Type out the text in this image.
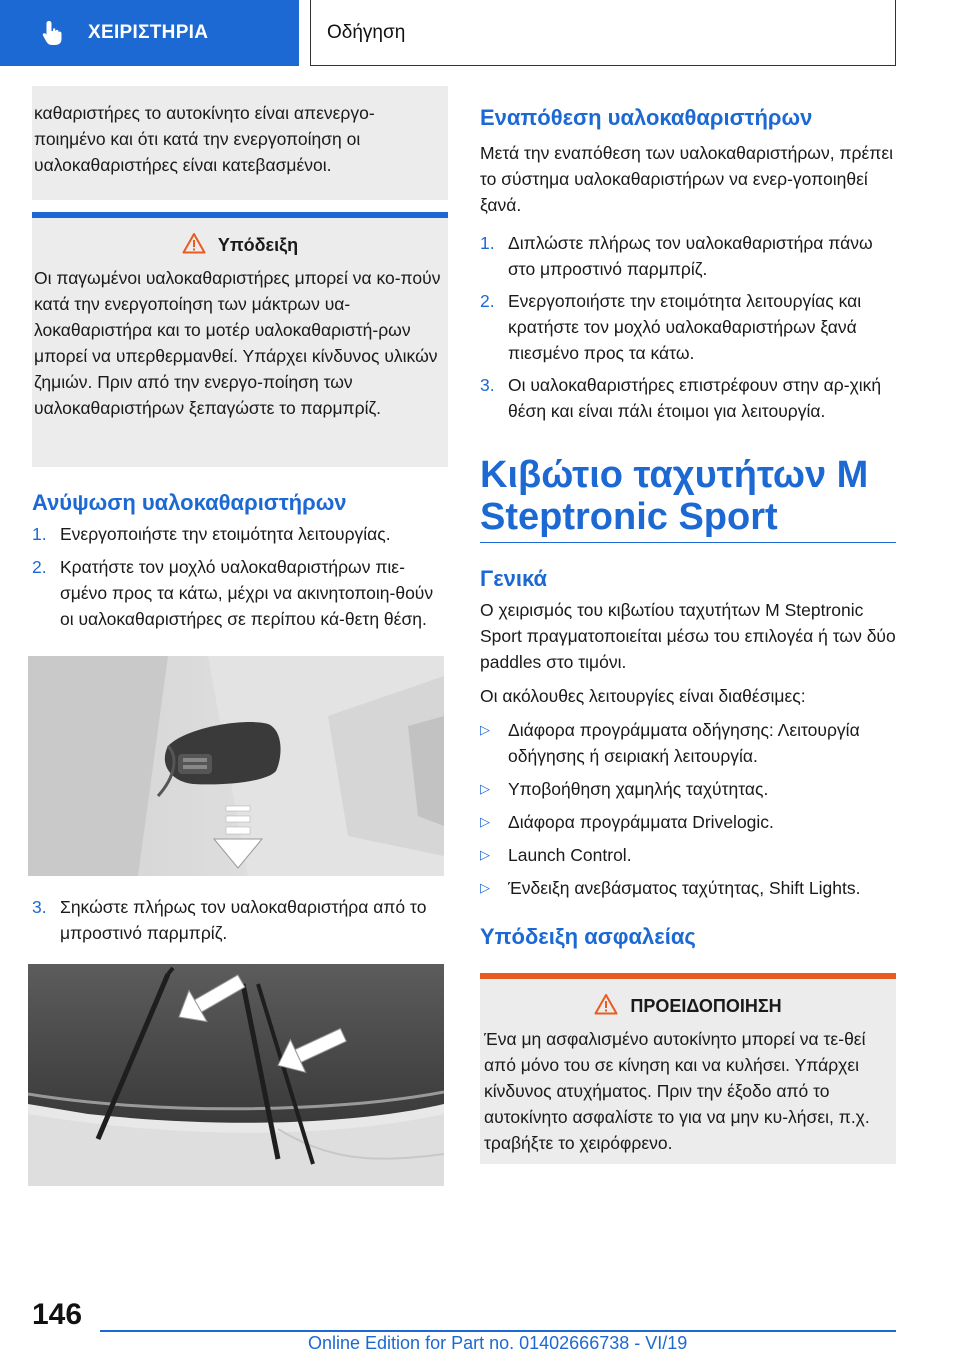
ΧΕΙΡΙΣΤΗΡΙΑ	Οδήγηση

καθαριστήρες το αυτοκίνητο είναι απενεργο-ποιημένο και ότι κατά την ενεργοποίηση οι υαλοκαθαριστήρες είναι κατεβασμένοι.

Υπόδειξη

Οι παγωμένοι υαλοκαθαριστήρες μπορεί να κο-πούν κατά την ενεργοποίηση των μάκτρων υα-λοκαθαριστήρα και το μοτέρ υαλοκαθαριστή-ρων μπορεί να υπερθερμανθεί. Υπάρχει κίνδυνος υλικών ζημιών. Πριν από την ενεργο-ποίηση των υαλοκαθαριστήρων ξεπαγώστε το παρμπρίζ.

Ανύψωση υαλοκαθαριστήρων
1. Ενεργοποιήστε την ετοιμότητα λειτουργίας.
2. Κρατήστε τον μοχλό υαλοκαθαριστήρων πιε-σμένο προς τα κάτω, μέχρι να ακινητοποιη-θούν οι υαλοκαθαριστήρες σε περίπου κά-θετη θέση.
3. Σηκώστε πλήρως τον υαλοκαθαριστήρα από το μπροστινό παρμπρίζ.
Εναπόθεση υαλοκαθαριστήρων

Μετά την εναπόθεση των υαλοκαθαριστήρων, πρέπει το σύστημα υαλοκαθαριστήρων να ενερ-γοποιηθεί ξανά.

1. Διπλώστε πλήρως τον υαλοκαθαριστήρα πάνω στο μπροστινό παρμπρίζ.
2. Ενεργοποιήστε την ετοιμότητα λειτουργίας και κρατήστε τον μοχλό υαλοκαθαριστήρων ξανά πιεσμένο προς τα κάτω.
3. Οι υαλοκαθαριστήρες επιστρέφουν στην αρ-χική θέση και είναι πάλι έτοιμοι για λειτουργία.
Κιβώτιο ταχυτήτων M Steptronic Sport
Γενικά

Ο χειρισμός του κιβωτίου ταχυτήτων M Steptronic Sport πραγματοποιείται μέσω του επιλογέα ή των δύο paddles στο τιμόνι.

Οι ακόλουθες λειτουργίες είναι διαθέσιμες:

▷	Διάφορα προγράμματα οδήγησης: Λειτουργία οδήγησης ή σειριακή λειτουργία.
▷	Υποβοήθηση χαμηλής ταχύτητας.
▷	Διάφορα προγράμματα Drivelogic.
▷	Launch Control.
▷	Ένδειξη ανεβάσματος ταχύτητας, Shift Lights.
Υπόδειξη ασφαλείας
ΠΡΟΕΙΔΟΠΟΙΗΣΗ

Ένα μη ασφαλισμένο αυτοκίνητο μπορεί να τε-θεί από μόνο του σε κίνηση και να κυλήσει. Υπάρχει κίνδυνος ατυχήματος. Πριν την έξοδο από το αυτοκίνητο ασφαλίστε το για να μην κυ-λήσει, π.χ. τραβήξτε το χειρόφρενο.

146
Online Edition for Part no. 01402666738 - VI/19
